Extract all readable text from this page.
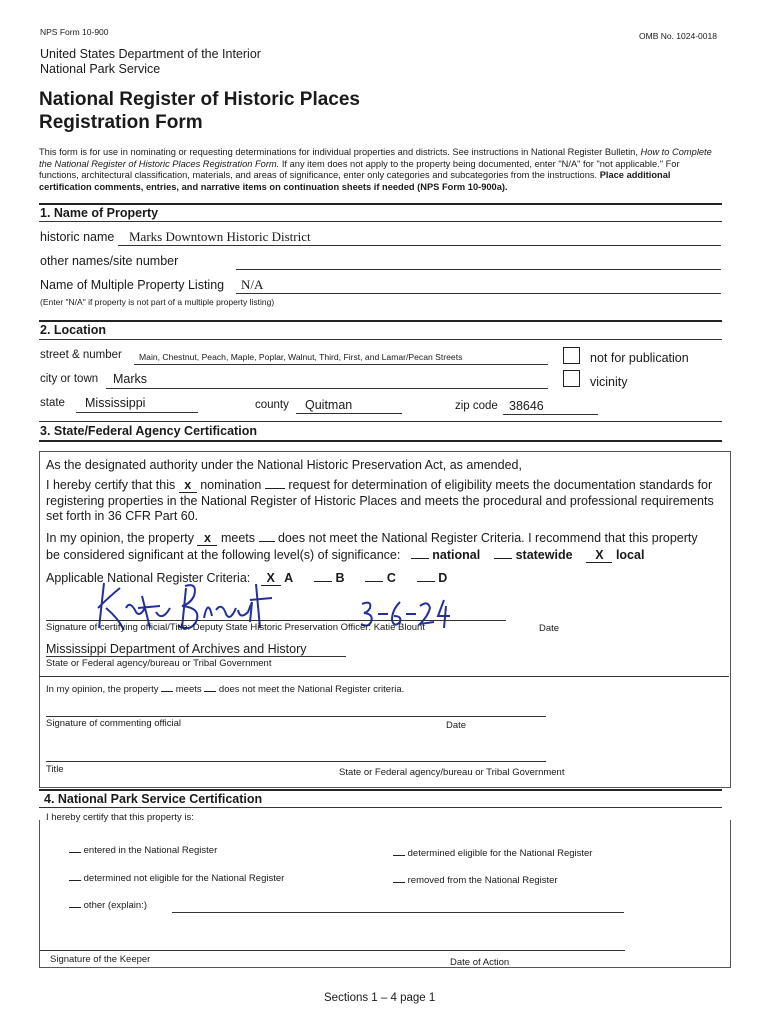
NPS Form 10-900	OMB No. 1024-0018
United States Department of the Interior
National Park Service
National Register of Historic Places
Registration Form

This form is for use in nominating or requesting determinations for individual properties and districts. See instructions in National Register Bulletin, How to Complete the National Register of Historic Places Registration Form. If any item does not apply to the property being documented, enter "N/A" for "not applicable." For functions, architectural classification, materials, and areas of significance, enter only categories and subcategories from the instructions. Place additional certification comments, entries, and narrative items on continuation sheets if needed (NPS Form 10-900a).

1. Name of Property
historic name Marks Downtown Historic District
other names/site number
Name of Multiple Property Listing N/A
(Enter "N/A" if property is not part of a multiple property listing)
2. Location
street & number Main, Chestnut, Peach, Maple, Poplar, Walnut, Third, First, and Lamar/Pecan Streets	not for publication
city or town Marks	vicinity
state Mississippi	county Quitman	zip code 38646
3. State/Federal Agency Certification
As the designated authority under the National Historic Preservation Act, as amended,
I hereby certify that this x nomination request for determination of eligibility meets the documentation standards for
registering properties in the National Register of Historic Places and meets the procedural and professional requirements
set forth in 36 CFR Part 60.
In my opinion, the property x meets does not meet the National Register Criteria. I recommend that this property
be considered significant at the following level(s) of significance:	national	statewide X local
Applicable National Register Criteria: X A	B	C	D
Signature of certifying official/Title: Deputy State Historic Preservation Officer: Katie Blount	Date
Mississippi Department of Archives and History
State or Federal agency/bureau or Tribal Government
In my opinion, the property meets does not meet the National Register criteria.
Signature of commenting official	Date
Title	State or Federal agency/bureau or Tribal Government
4. National Park Service Certification
I hereby certify that this property is:
entered in the National Register	determined eligible for the National Register
determined not eligible for the National Register	removed from the National Register
other (explain:)
Signature of the Keeper	Date of Action
Sections 1 – 4 page 1
